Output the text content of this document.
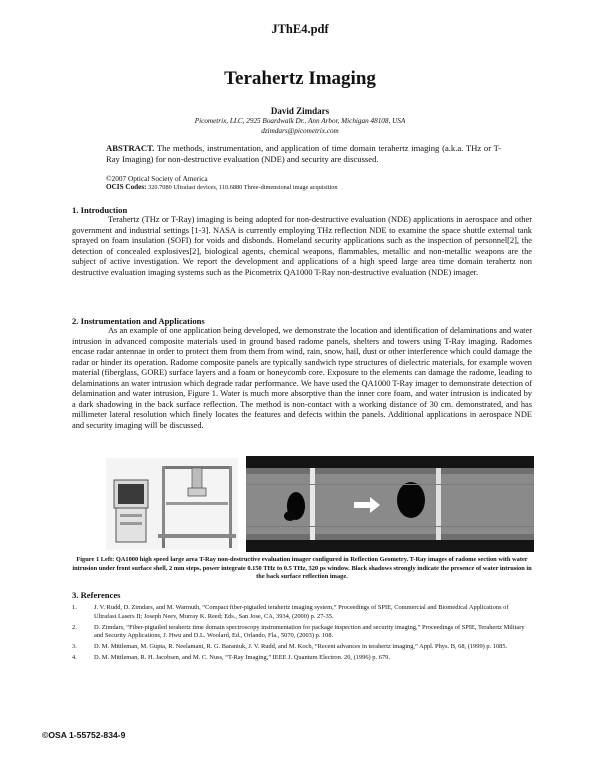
JThE4.pdf
Terahertz Imaging
David Zimdars
Picometrix, LLC, 2925 Boardwalk Dr., Ann Arbor, Michigan 48108, USA
dzimdars@picometrix.com
ABSTRACT. The methods, instrumentation, and application of time domain terahertz imaging (a.k.a. THz or T-Ray Imaging) for non-destructive evaluation (NDE) and security are discussed.
©2007 Optical Society of America
OCIS Codes: 320.7080 Ultrafast devices, 110.6880 Three-dimensional image acquisition
1. Introduction

Terahertz (THz or T-Ray) imaging is being adopted for non-destructive evaluation (NDE) applications in aerospace and other government and industrial settings [1-3]. NASA is currently employing THz reflection NDE to examine the space shuttle external tank sprayed on foam insulation (SOFI) for voids and disbonds. Homeland security applications such as the inspection of personnel[2], the detection of concealed explosives[2], biological agents, chemical weapons, flammables, metallic and non-metallic weapons are the subject of active investigation. We report the development and applications of a high speed large area time domain terahertz non destructive evaluation imaging systems such as the Picometrix QA1000 T-Ray non-destructive evaluation (NDE) imager.

2. Instrumentation and Applications

As an example of one application being developed, we demonstrate the location and identification of delaminations and water intrusion in advanced composite materials used in ground based radome panels, shelters and towers using T-Ray imaging. Radomes encase radar antennae in order to protect them from them from wind, rain, snow, hail, dust or other interference which could damage the radar or hinder its operation. Radome composite panels are typically sandwich type structures of dielectric materials, for example woven material (fiberglass, GORE) surface layers and a foam or honeycomb core. Exposure to the elements can damage the radome, leading to delaminations an water intrusion which degrade radar performance. We have used the QA1000 T-Ray imager to demonstrate detection of delamination and water intrusion, Figure 1. Water is much more absorptive than the inner core foam, and water intrusion is indicated by a dark shadowing in the back surface reflection. The method is non-contact with a working distance of 30 cm. demonstrated, and has millimeter lateral resolution which finely locates the features and defects within the panels. Additional applications in aerospace NDE and security imaging will be discussed.

Figure 1 Left: QA1000 high speed large area T-Ray non-destructive evaluation imager configured in Reflection Geometry. T-Ray images of radome section with water intrusion under front surface shell, 2 mm steps, power integrate 0.150 THz to 0.5 THz, 320 ps window. Black shadows strongly indicate the presence of water intrusion in the back surface reflection image.
3. References
1.	J. V. Rudd, D. Zimdars, and M. Warmuth, “Compact fiber-pigtailed terahertz imaging system,” Proceedings of SPIE, Commercial and Biomedical Applications of Ultrafast Lasers II; Joseph Neev, Murray K. Reed; Eds., San Jose, CA, 3934, (2000) p. 27-35.
2.	D. Zimdars, “Fiber-pigtailed terahertz time domain spectroscopy instrumentation for package inspection and security imaging,” Proceedings of SPIE, Terahertz Military and Security Applications, J. Hwu and D.L. Woolard, Ed., Orlando, Fla., 5070, (2003) p. 108.
3.	D. M. Mittleman, M. Gupta, R. Neelamani, R. G. Baraniuk, J. V. Rudd, and M. Koch, “Recent advances in terahertz imaging,” Appl. Phys. B, 68, (1999) p. 1085.
4.	D. M. Mittleman, R. H. Jacobsen, and M. C. Nuss, “T-Ray Imaging,” IEEE J. Quantum Electron. 20, (1996) p. 679.
©OSA 1-55752-834-9
